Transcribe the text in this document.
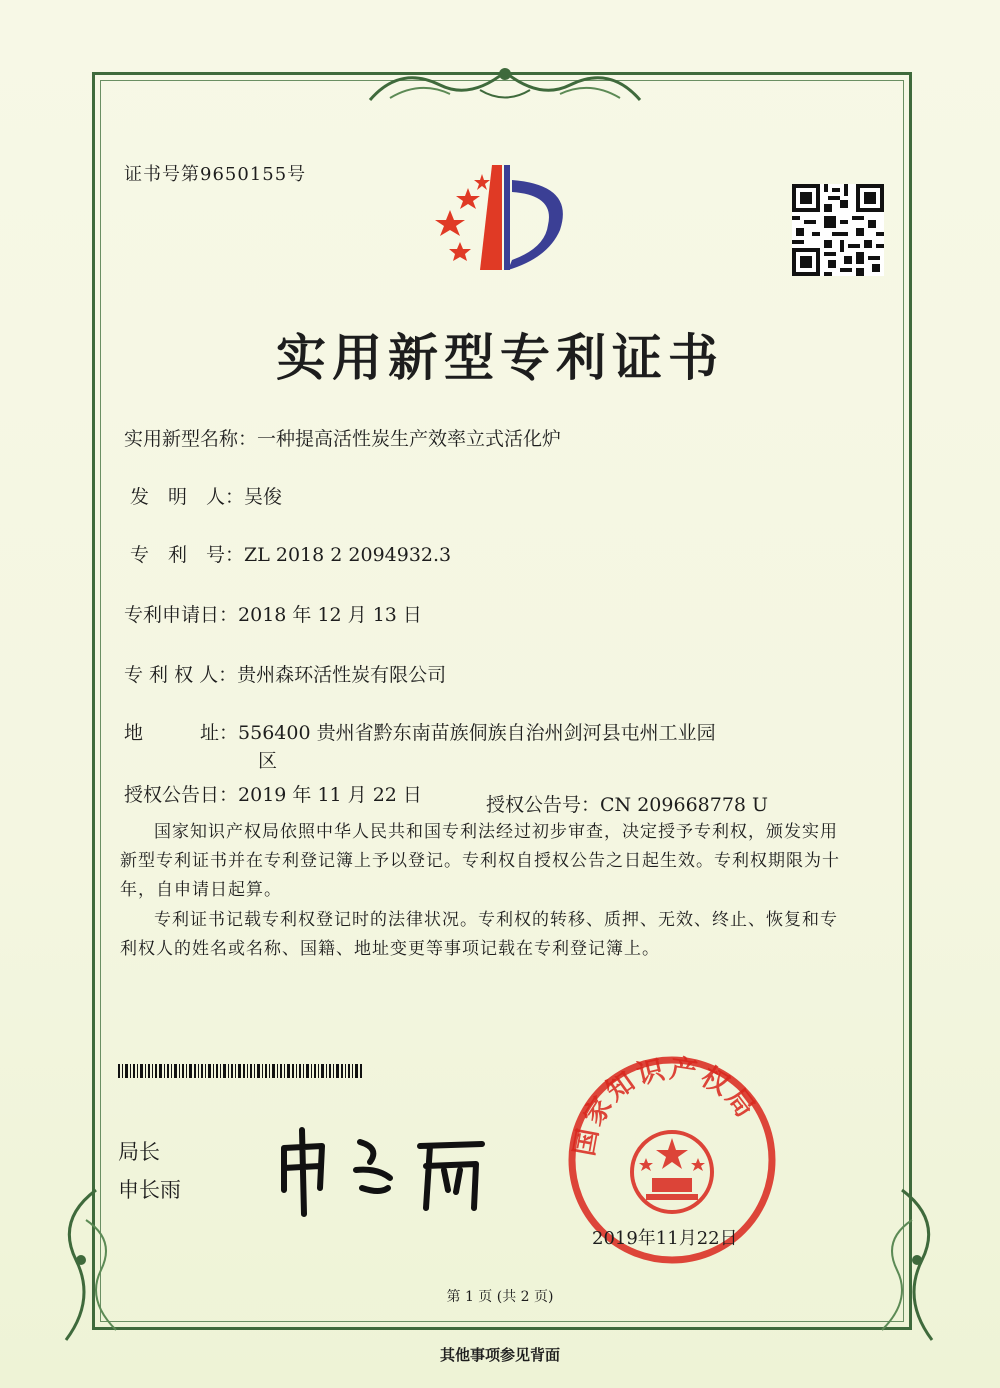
证书号第9650155号
实用新型专利证书
实用新型名称：一种提高活性炭生产效率立式活化炉
发　明　人：吴俊
专　利　号：ZL 2018 2 2094932.3
专利申请日：2018 年 12 月 13 日
专 利 权 人：贵州森环活性炭有限公司
地　　　址：556400 贵州省黔东南苗族侗族自治州剑河县屯州工业园
区
授权公告日：2019 年 11 月 22 日	授权公告号：CN 209668778 U
国家知识产权局依照中华人民共和国专利法经过初步审查，决定授予专利权，颁发实用新型专利证书并在专利登记簿上予以登记。专利权自授权公告之日起生效。专利权期限为十年，自申请日起算。
专利证书记载专利权登记时的法律状况。专利权的转移、质押、无效、终止、恢复和专利权人的姓名或名称、国籍、地址变更等事项记载在专利登记簿上。
局长
申长雨
国家知识产权局
2019年11月22日
第 1 页 (共 2 页)
其他事项参见背面
